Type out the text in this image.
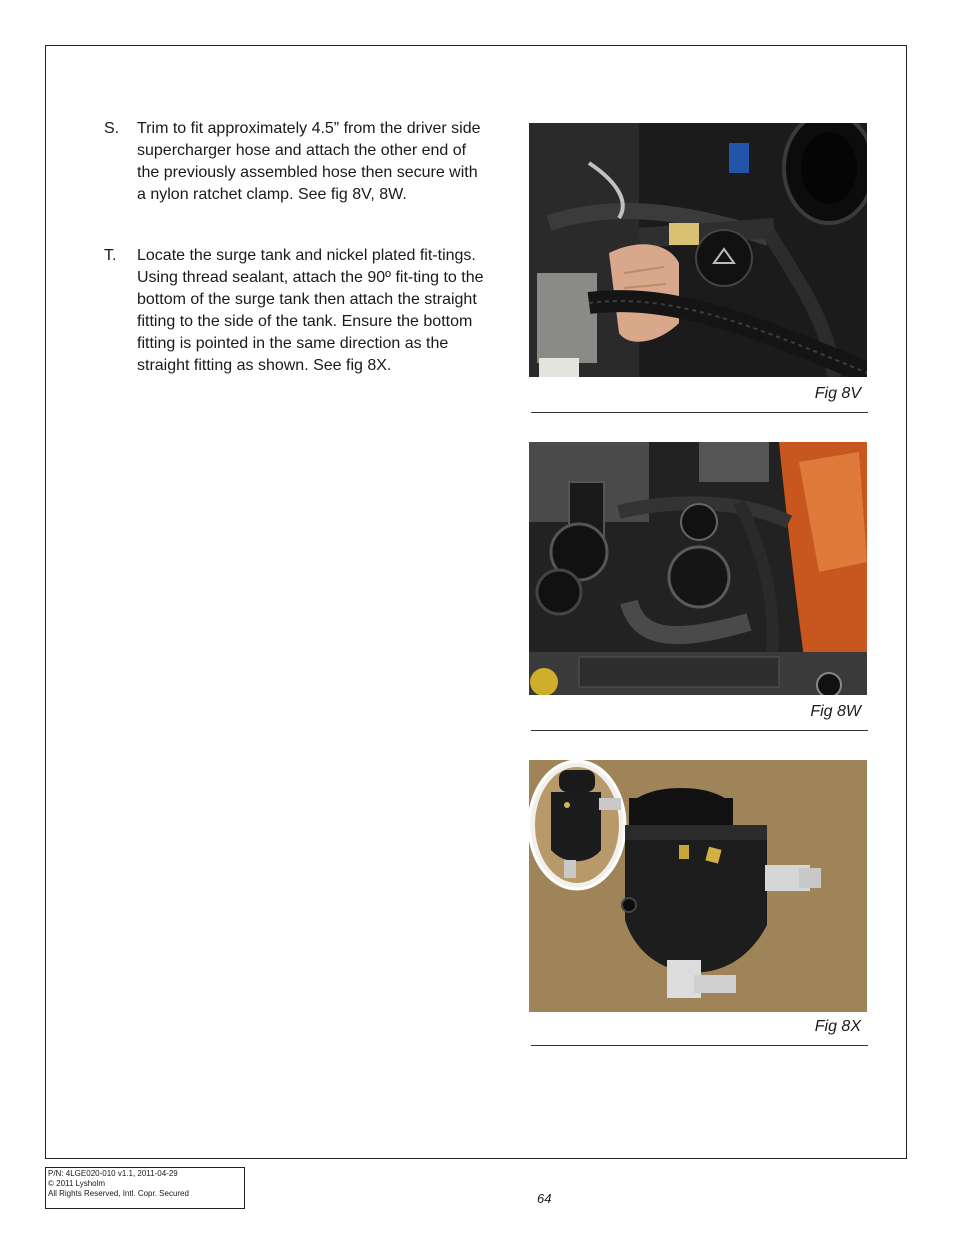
S. Trim to fit approximately 4.5” from the driver side supercharger hose and attach the other end of the previously assembled hose then secure with a nylon ratchet clamp. See fig 8V, 8W.
T. Locate the surge tank and nickel plated fit-tings. Using thread sealant, attach the 90º fit-ting to the bottom of the surge tank then attach the straight fitting to the side of the tank. Ensure the bottom fitting is pointed in the same direction as the straight fitting as shown. See fig 8X.
Fig 8V
Fig 8W
Fig 8X
P/N: 4LGE020-010 v1.1, 2011-04-29
© 2011 Lysholm
All Rights Reserved, Intl. Copr. Secured	64
